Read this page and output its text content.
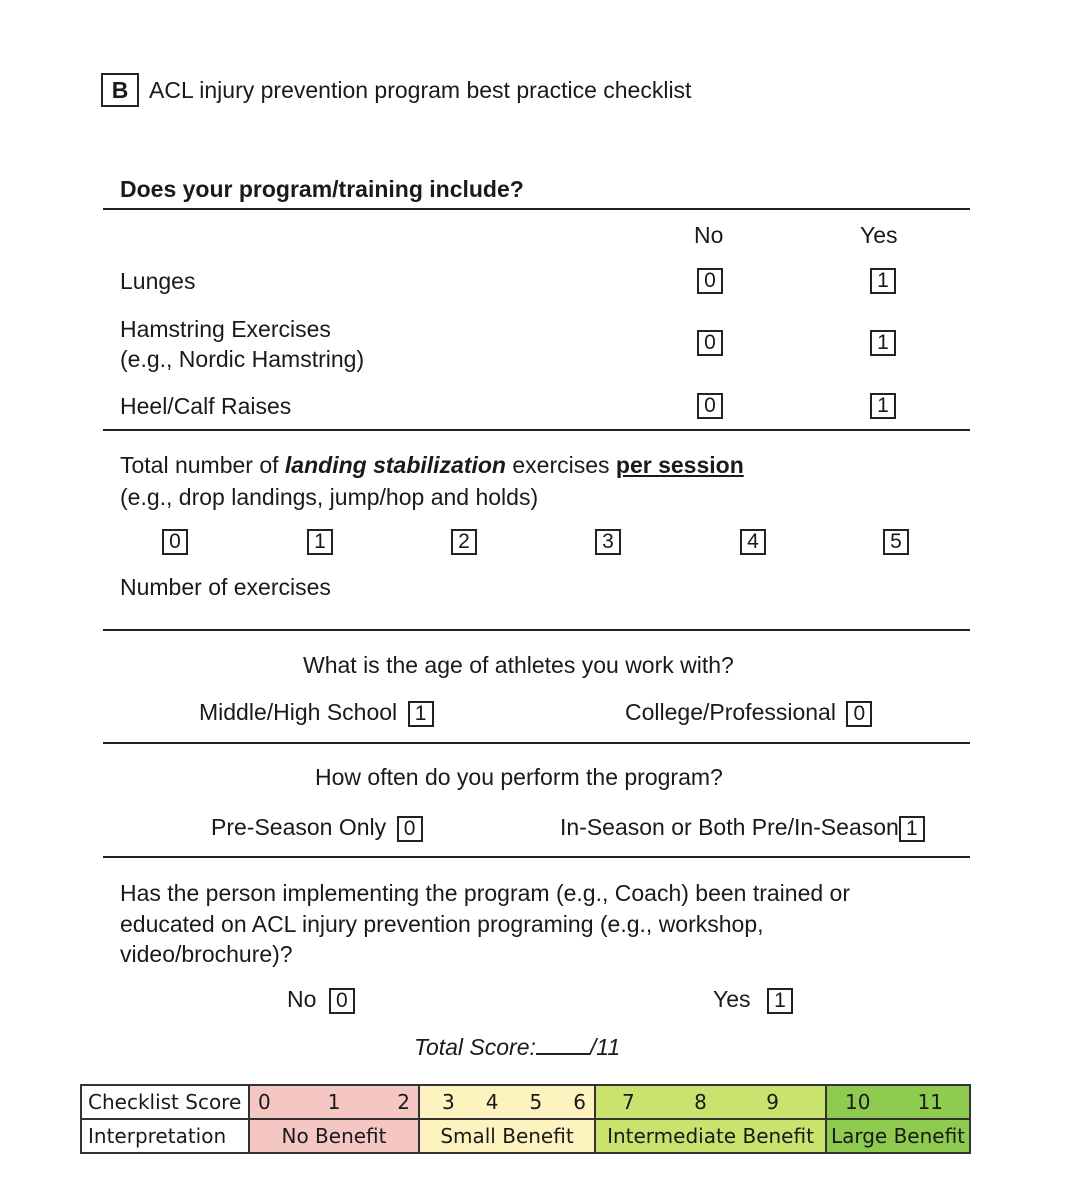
B ACL injury prevention program best practice checklist
Does your program/training include?
No	Yes
Lunges	0	1
Hamstring Exercises
(e.g., Nordic Hamstring)
0	1
Heel/Calf Raises	0	1
Total number of landing stabilization exercises per session
(e.g., drop landings, jump/hop and holds)
0	1	2	3	4	5
Number of exercises
What is the age of athletes you work with?
Middle/High School 1	College/Professional 0
How often do you perform the program?
Pre-Season Only 0	In-Season or Both Pre/In-Season 1
Has the person implementing the program (e.g., Coach) been trained or
educated on ACL injury prevention programing (e.g., workshop,
video/brochure)?
No 0	Yes 1
Total Score: /11
Checklist Score	0 1 2	3 4 5 6	7 8 9	10 11

Interpretation	No Benefit	Small Benefit	Intermediate Benefit	Large Benefit
